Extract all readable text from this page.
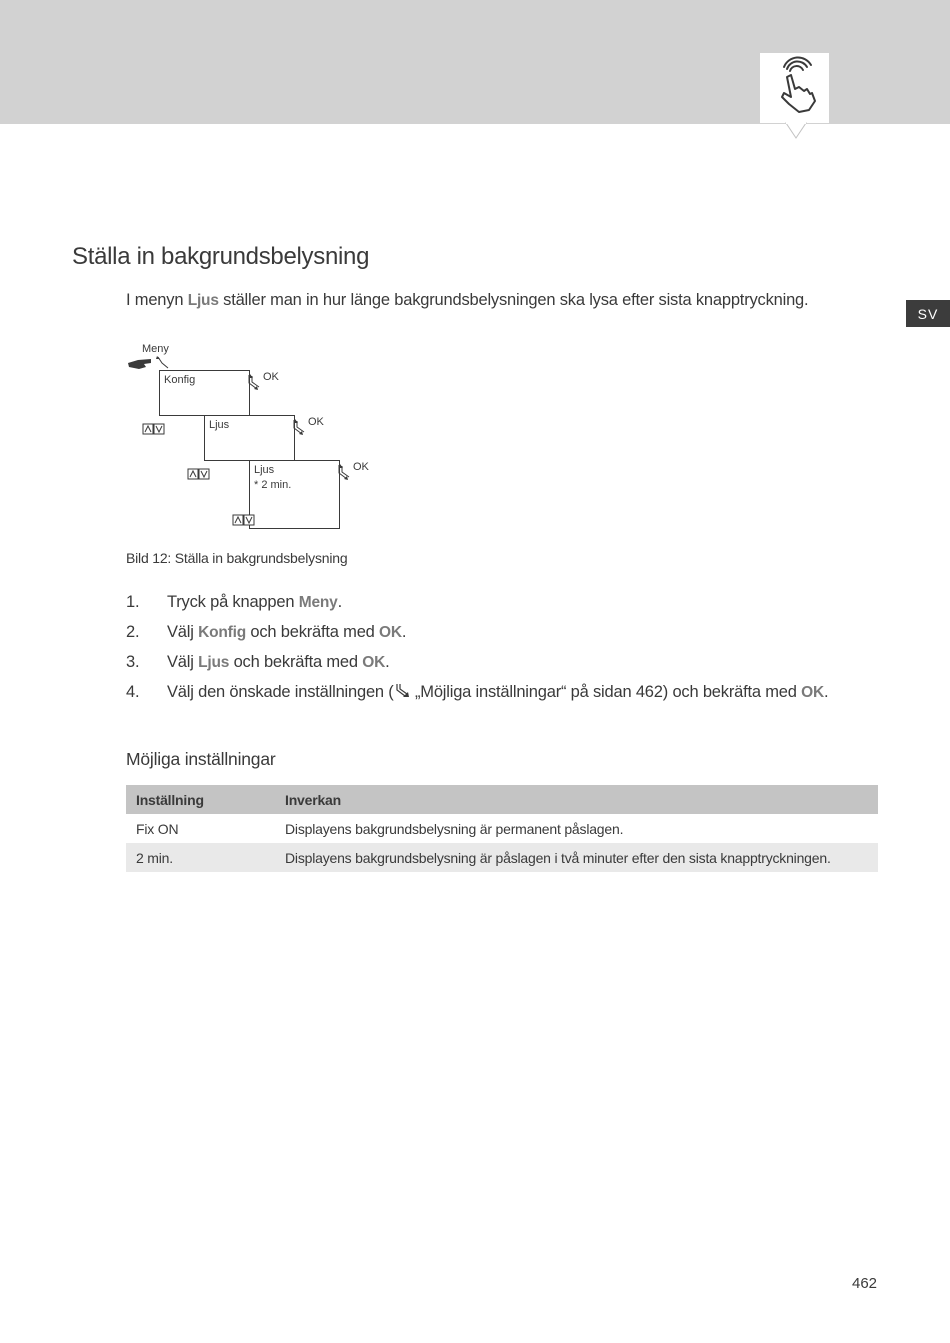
SV
Ställa in bakgrundsbelysning

I menyn Ljus ställer man in hur länge bakgrundsbelysningen ska lysa efter sista knapptryckning.

Meny
Konfig	OK
Ljus	OK
Ljus
* 2 min.
OK

Bild 12: Ställa in bakgrundsbelysning

1. Tryck på knappen Meny.
2. Välj Konfig och bekräfta med OK.
3. Välj Ljus och bekräfta med OK.
4. Välj den önskade inställningen ( „Möjliga inställningar“ på sidan 462) och bekräfta med OK.
Möjliga inställningar
Inställning	Inverkan
Fix ON	Displayens bakgrundsbelysning är permanent påslagen.
2 min.	Displayens bakgrundsbelysning är påslagen i två minuter efter den sista knapptryckningen.
462
